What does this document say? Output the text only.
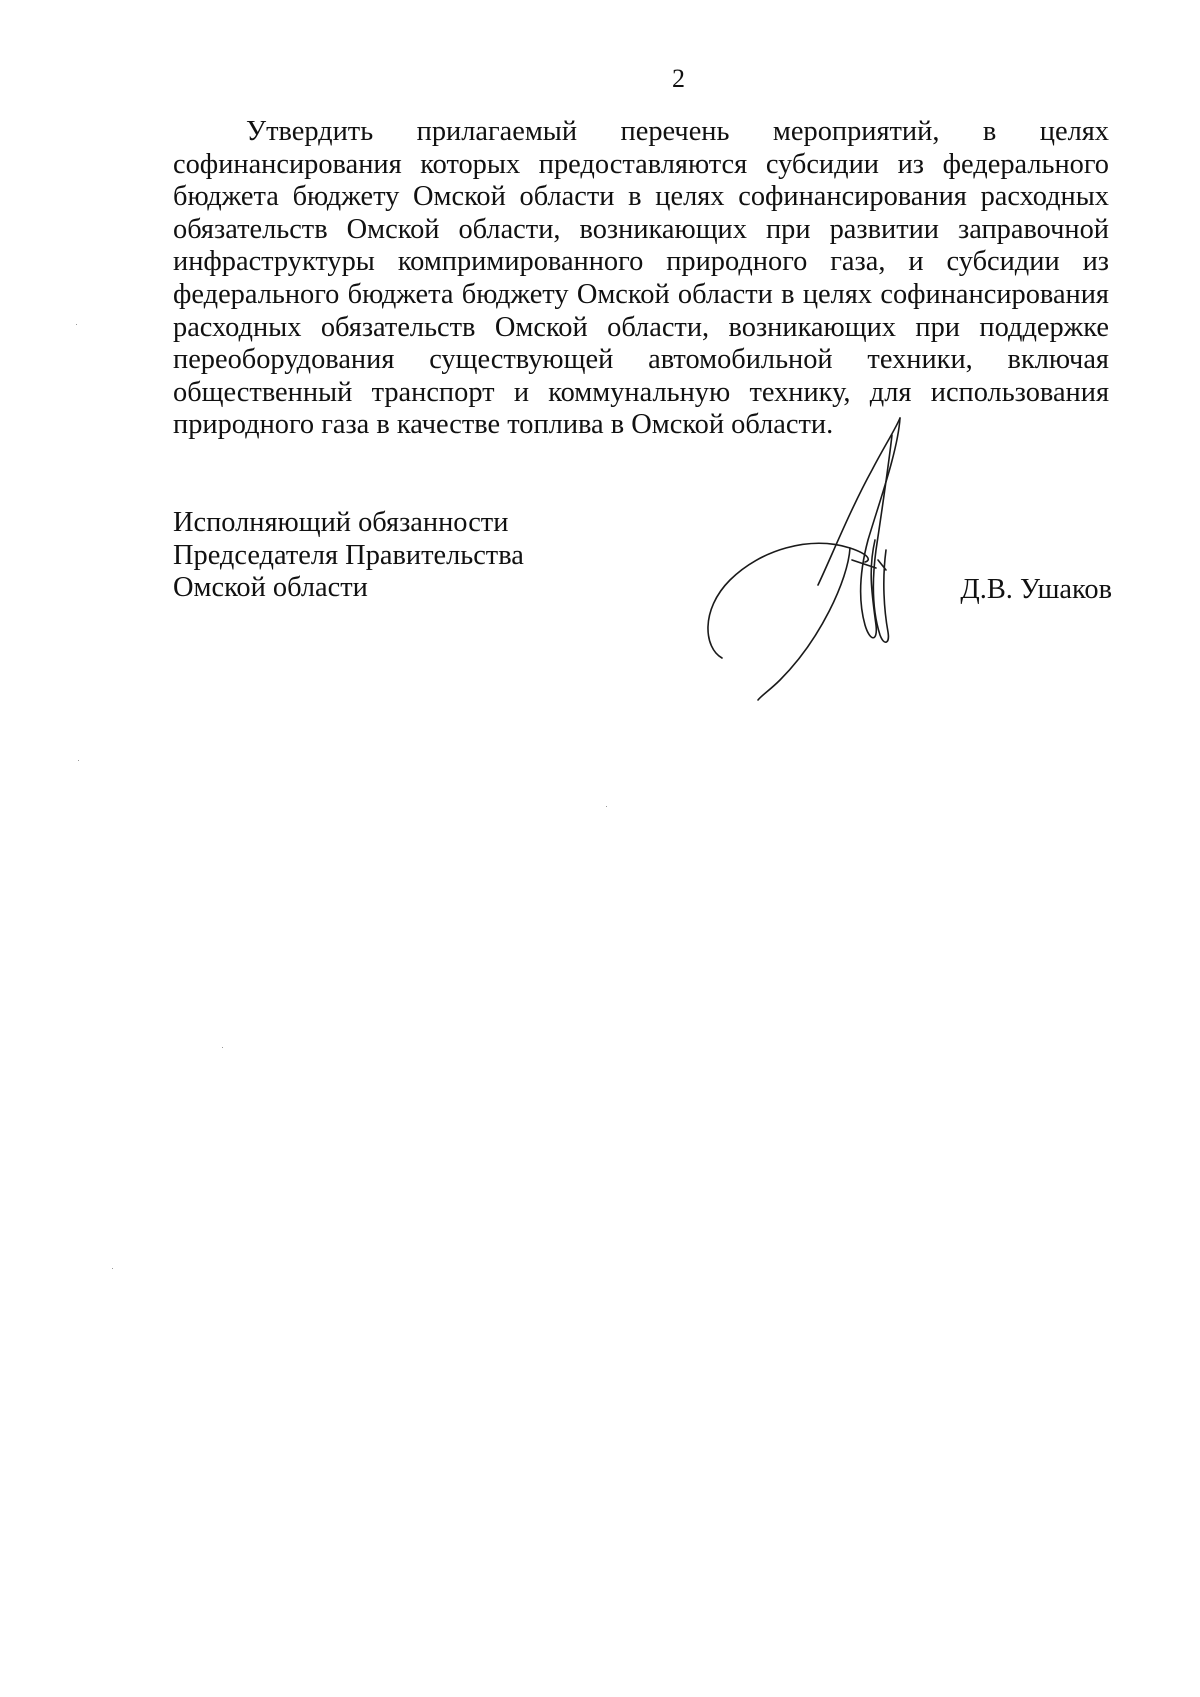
2

Утвердить прилагаемый перечень мероприятий, в целях софинансирования которых предоставляются субсидии из федерального бюджета бюджету Омской области в целях софинансирования расходных обязательств Омской области, возникающих при развитии заправочной инфраструктуры компримированного природного газа, и субсидии из федерального бюджета бюджету Омской области в целях софинансирования расходных обязательств Омской области, возникающих при поддержке переоборудования существующей автомобильной техники, включая общественный транспорт и коммунальную технику, для использования природного газа в качестве топлива в Омской области.

Исполняющий обязанности
Председателя Правительства
Омской области	Д.В. Ушаков
